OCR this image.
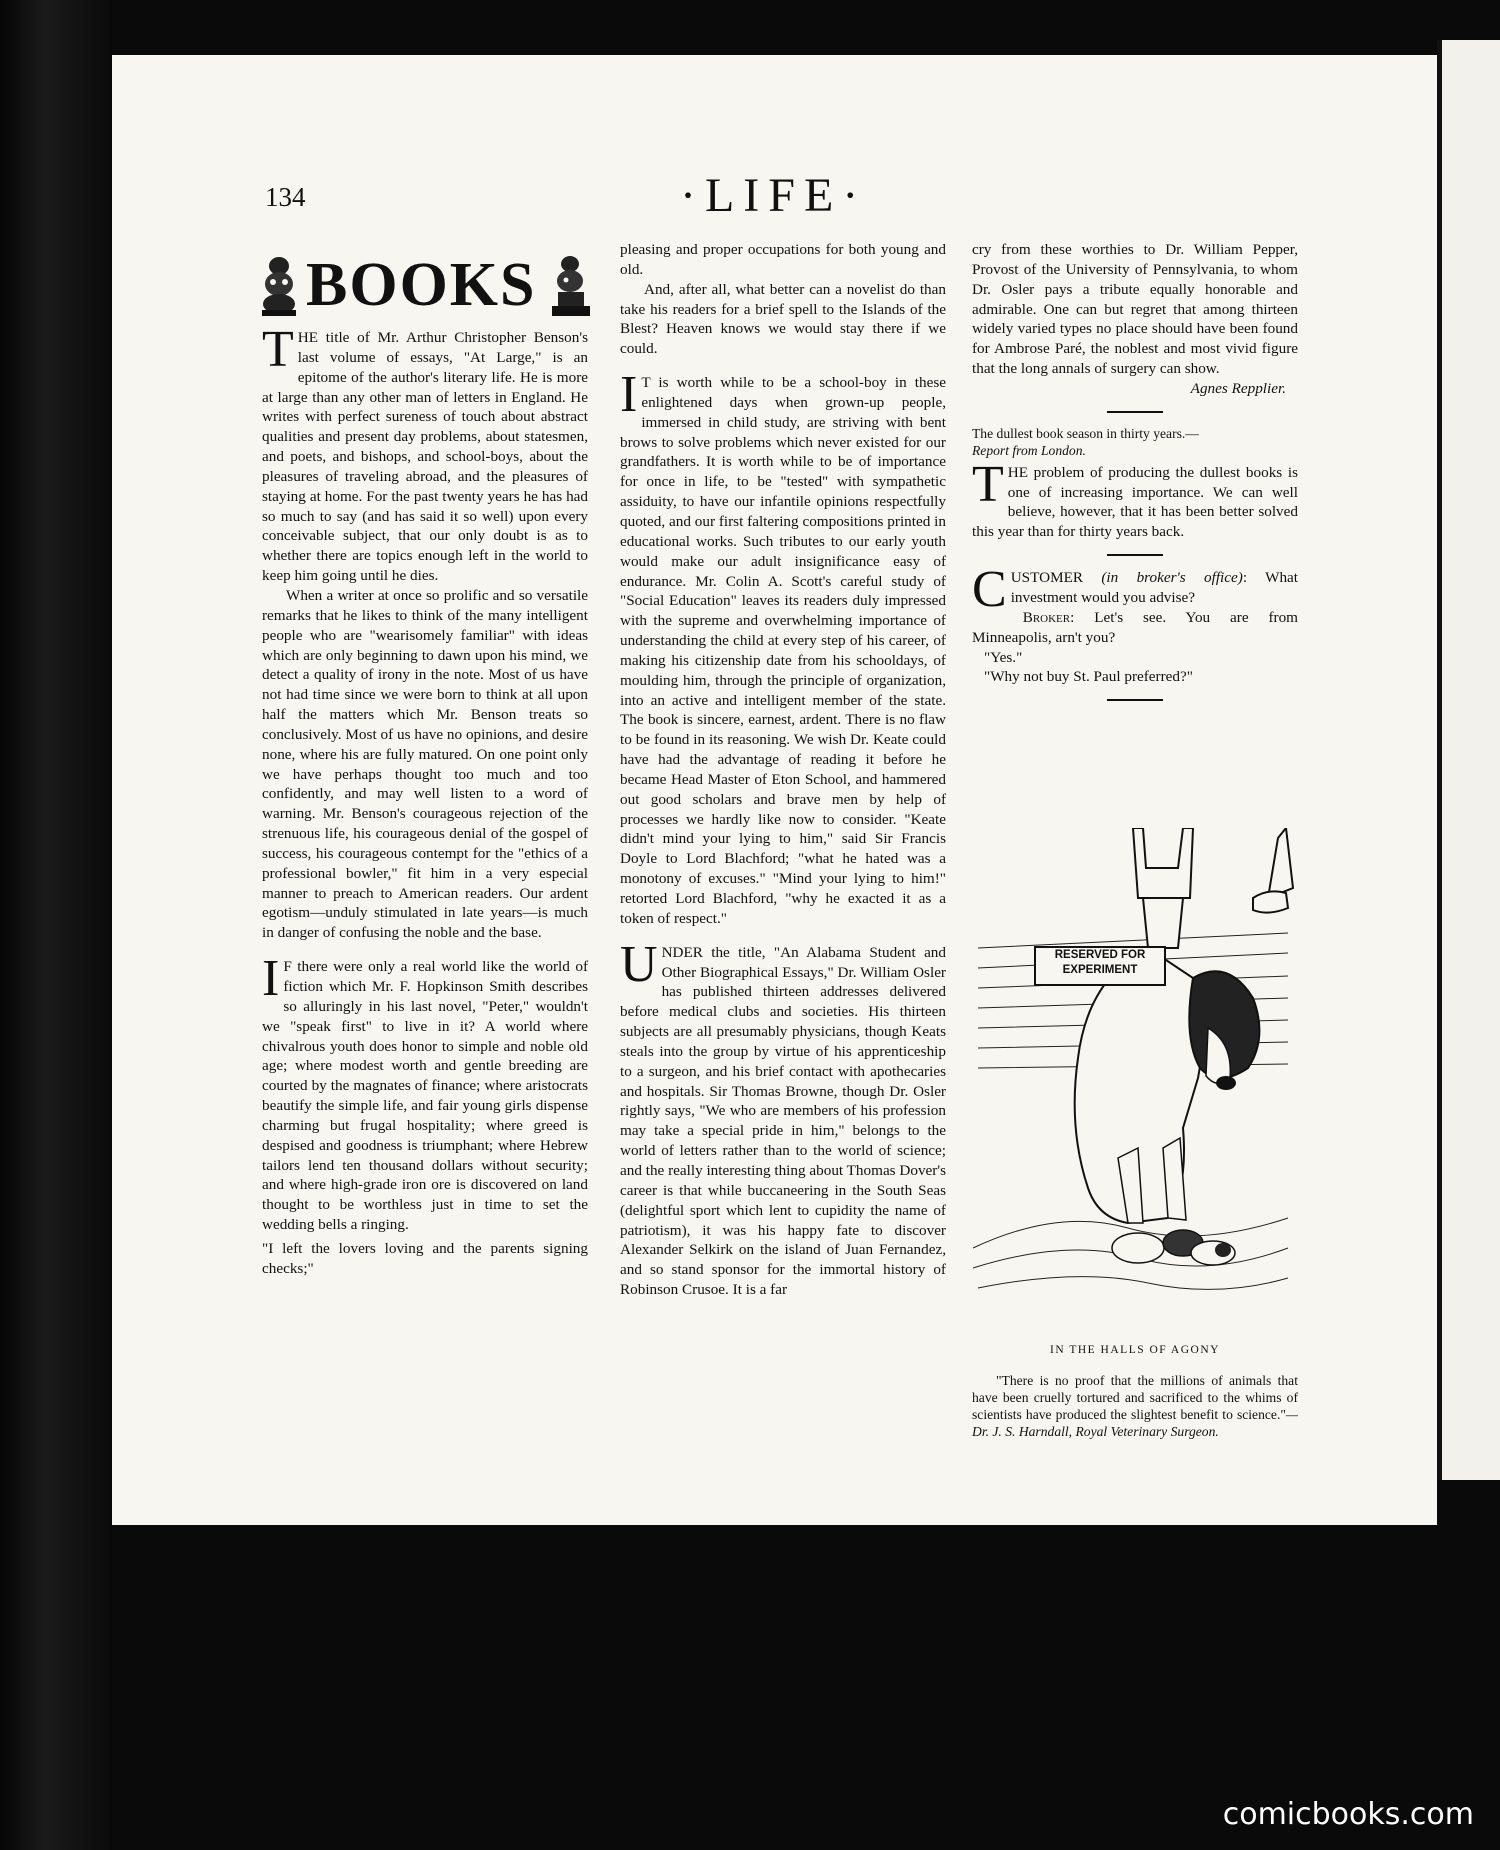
134	·LIFE·
BOOKS

T HE title of Mr. Arthur Christopher Benson's last volume of essays, "At Large," is an epitome of the author's literary life. He is more at large than any other man of letters in England. He writes with perfect sureness of touch about abstract qualities and present day problems, about statesmen, and poets, and bishops, and school-boys, about the pleasures of traveling abroad, and the pleasures of staying at home. For the past twenty years he has had so much to say (and has said it so well) upon every conceivable subject, that our only doubt is as to whether there are topics enough left in the world to keep him going until he dies.

When a writer at once so prolific and so versatile remarks that he likes to think of the many intelligent people who are "wearisomely familiar" with ideas which are only beginning to dawn upon his mind, we detect a quality of irony in the note. Most of us have not had time since we were born to think at all upon half the matters which Mr. Benson treats so conclusively. Most of us have no opinions, and desire none, where his are fully matured. On one point only we have perhaps thought too much and too confidently, and may well listen to a word of warning. Mr. Benson's courageous rejection of the strenuous life, his courageous denial of the gospel of success, his courageous contempt for the "ethics of a professional bowler," fit him in a very especial manner to preach to American readers. Our ardent egotism—unduly stimulated in late years—is much in danger of confusing the noble and the base.

I F there were only a real world like the world of fiction which Mr. F. Hopkinson Smith describes so alluringly in his last novel, "Peter," wouldn't we "speak first" to live in it? A world where chivalrous youth does honor to simple and noble old age; where modest worth and gentle breeding are courted by the magnates of finance; where aristocrats beautify the simple life, and fair young girls dispense charming but frugal hospitality; where greed is despised and goodness is triumphant; where Hebrew tailors lend ten thousand dollars without security; and where high-grade iron ore is discovered on land thought to be worthless just in time to set the wedding bells a ringing.

"I left the lovers loving and the parents signing checks;"

pleasing and proper occupations for both young and old.

And, after all, what better can a novelist do than take his readers for a brief spell to the Islands of the Blest? Heaven knows we would stay there if we could.

I T is worth while to be a school-boy in these enlightened days when grown-up people, immersed in child study, are striving with bent brows to solve problems which never existed for our grandfathers. It is worth while to be of importance for once in life, to be "tested" with sympathetic assiduity, to have our infantile opinions respectfully quoted, and our first faltering compositions printed in educational works. Such tributes to our early youth would make our adult insignificance easy of endurance. Mr. Colin A. Scott's careful study of "Social Education" leaves its readers duly impressed with the supreme and overwhelming importance of understanding the child at every step of his career, of making his citizenship date from his schooldays, of moulding him, through the principle of organization, into an active and intelligent member of the state. The book is sincere, earnest, ardent. There is no flaw to be found in its reasoning. We wish Dr. Keate could have had the advantage of reading it before he became Head Master of Eton School, and hammered out good scholars and brave men by help of processes we hardly like now to consider. "Keate didn't mind your lying to him," said Sir Francis Doyle to Lord Blachford; "what he hated was a monotony of excuses." "Mind your lying to him!" retorted Lord Blachford, "why he exacted it as a token of respect."

U NDER the title, "An Alabama Student and Other Biographical Essays," Dr. William Osler has published thirteen addresses delivered before medical clubs and societies. His thirteen subjects are all presumably physicians, though Keats steals into the group by virtue of his apprenticeship to a surgeon, and his brief contact with apothecaries and hospitals. Sir Thomas Browne, though Dr. Osler rightly says, "We who are members of his profession may take a special pride in him," belongs to the world of letters rather than to the world of science; and the really interesting thing about Thomas Dover's career is that while buccaneering in the South Seas (delightful sport which lent to cupidity the name of patriotism), it was his happy fate to discover Alexander Selkirk on the island of Juan Fernandez, and so stand sponsor for the immortal history of Robinson Crusoe. It is a far

cry from these worthies to Dr. William Pepper, Provost of the University of Pennsylvania, to whom Dr. Osler pays a tribute equally honorable and admirable. One can but regret that among thirteen widely varied types no place should have been found for Ambrose Paré, the noblest and most vivid figure that the long annals of surgery can show.

Agnes Repplier.
The dullest book season in thirty years.—
Report from London.

T HE problem of producing the dullest books is one of increasing importance. We can well believe, however, that it has been better solved this year than for thirty years back.

C USTOMER (in broker's office): What investment would you advise?

Broker: Let's see. You are from Minneapolis, arn't you?

"Yes."

"Why not buy St. Paul preferred?"

RESERVED FOR
EXPERIMENT
IN THE HALLS OF AGONY

"There is no proof that the millions of animals that have been cruelly tortured and sacrificed to the whims of scientists have produced the slightest benefit to science."—Dr. J. S. Harndall, Royal Veterinary Surgeon.

comicbooks.com
